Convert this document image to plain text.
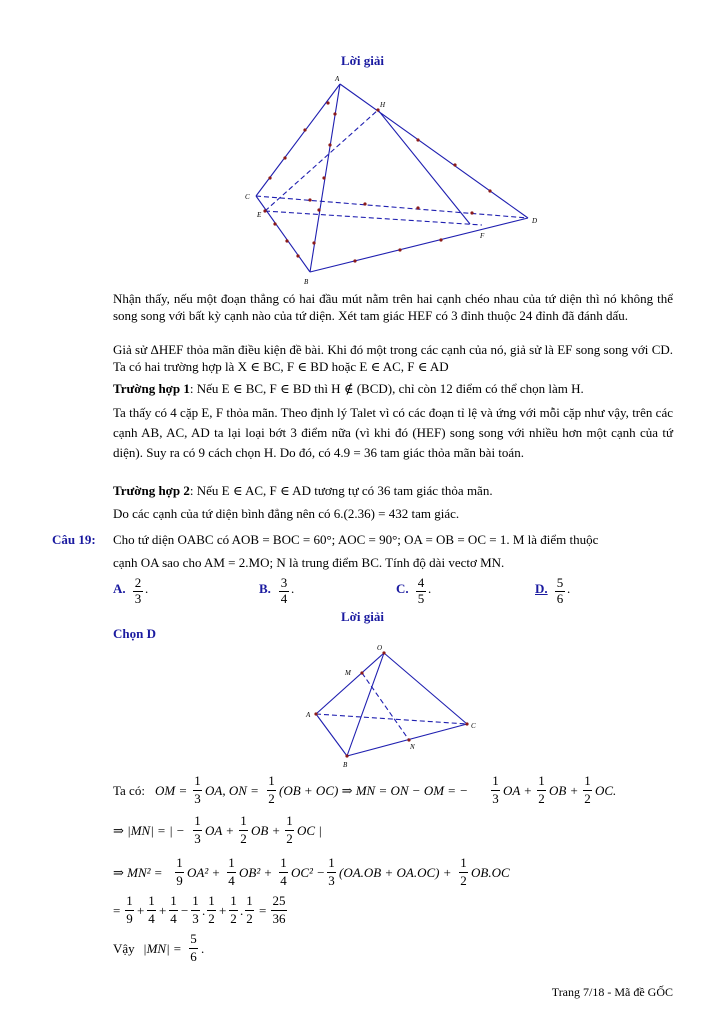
Lời giải
A
H
C
E
D
F
B
Nhận thấy, nếu một đoạn thẳng có hai đầu mút nằm trên hai cạnh chéo nhau của tứ diện thì nó không thể song song với bất kỳ cạnh nào của tứ diện. Xét tam giác HEF có 3 đỉnh thuộc 24 đỉnh đã đánh dấu.
Giả sử ΔHEF thỏa mãn điều kiện đề bài. Khi đó một trong các cạnh của nó, giả sử là EF song song với CD. Ta có hai trường hợp là X ∈ BC, F ∈ BD hoặc E ∈ AC, F ∈ AD
Trường hợp 1: Nếu E ∈ BC, F ∈ BD thì H ∉ (BCD), chỉ còn 12 điểm có thể chọn làm H.
Ta thấy có 4 cặp E, F thỏa mãn. Theo định lý Talet vì có các đoạn tỉ lệ và ứng với mỗi cặp như vậy, trên các cạnh AB, AC, AD ta lại loại bớt 3 điểm nữa (vì khi đó (HEF) song song với nhiều hơn một cạnh của tứ diện). Suy ra có 9 cách chọn H. Do đó, có 4.9 = 36 tam giác thỏa mãn bài toán.
Trường hợp 2: Nếu E ∈ AC, F ∈ AD tương tự có 36 tam giác thỏa mãn.
Do các cạnh của tứ diện bình đẳng nên có 6.(2.36) = 432 tam giác.
Câu 19: Cho tứ diện OABC có AOB = BOC = 60°; AOC = 90°; OA = OB = OC = 1. M là điểm thuộc
cạnh OA sao cho AM = 2.MO; N là trung điểm BC. Tính độ dài vectơ MN.
A. 2
3
.	B. 3
4
.	C. 4
5
.	D. 5
6
.
Lời giải
Chọn D
O
M
A
C
N
B
Ta có: OM =
1
3
OA, ON =
1
2
(OB + OC) ⇒ MN = ON − OM = −
1
3
OA +
1
2
OB +
1
2
OC.
⇒ |MN| = | −
1
3
OA +
1
2
OB +
1
2
OC |
⇒ MN² =
1
9
OA² +
1
4
OB² +
1
4
OC² −
1
3
(OA.OB + OA.OC) +
1
2
OB.OC
=
1
9
+
1
4
+
1
4
−
1
3
.
1
2
+
1
2
.
1
2
=
25
36
Vậy |MN| =
5
6
.
Trang 7/18 - Mã đề GỐC
